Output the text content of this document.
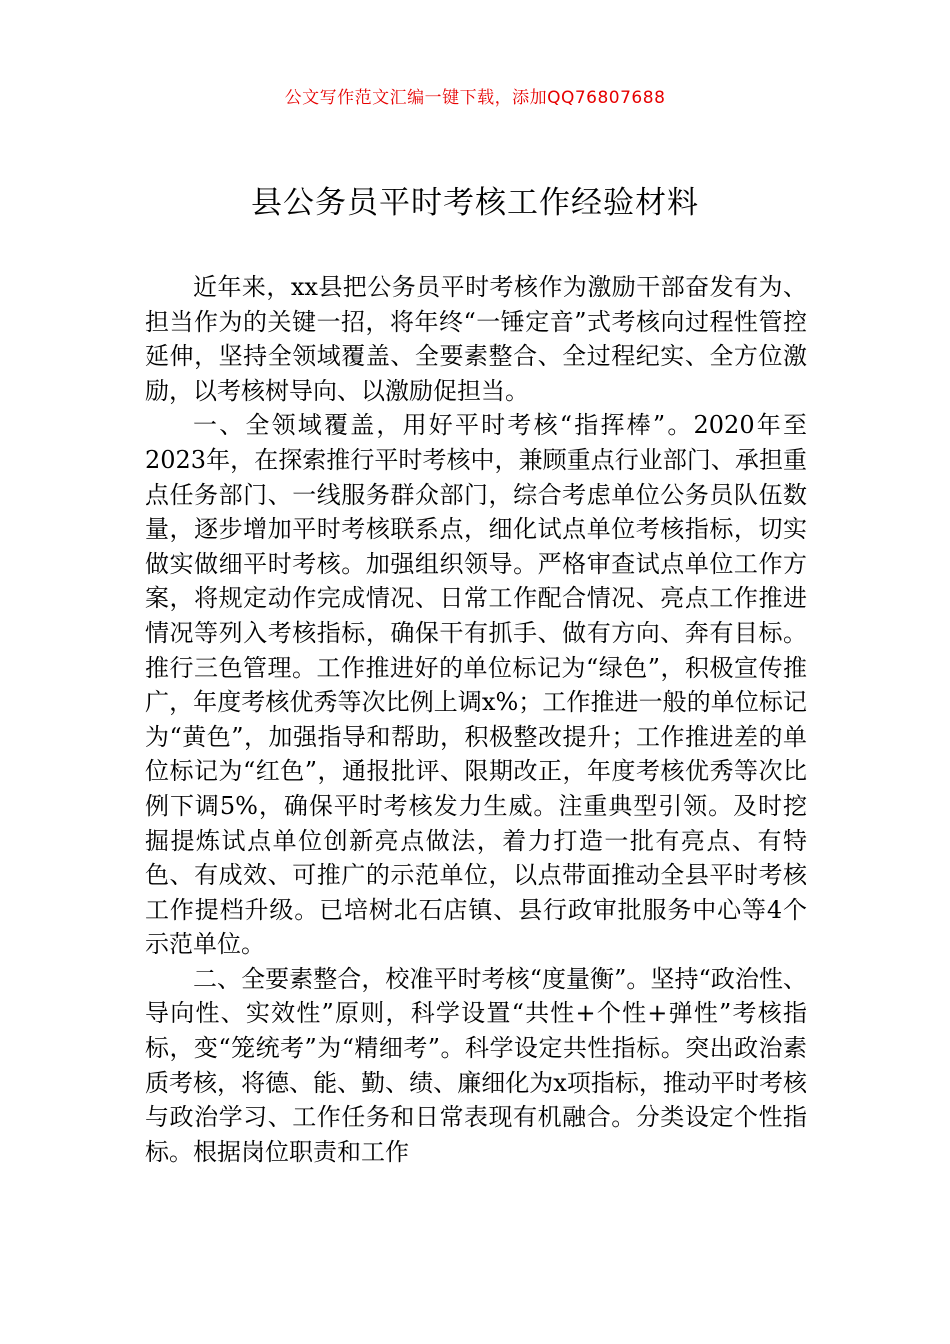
公文写作范文汇编一键下载，添加QQ76807688
县公务员平时考核工作经验材料

近年来，xx县把公务员平时考核作为激励干部奋发有为、担当作为的关键一招，将年终“一锤定音”式考核向过程性管控延伸，坚持全领域覆盖、全要素整合、全过程纪实、全方位激励，以考核树导向、以激励促担当。

一、全领域覆盖，用好平时考核“指挥棒”。2020年至2023年，在探索推行平时考核中，兼顾重点行业部门、承担重点任务部门、一线服务群众部门，综合考虑单位公务员队伍数量，逐步增加平时考核联系点，细化试点单位考核指标，切实做实做细平时考核。加强组织领导。严格审查试点单位工作方案，将规定动作完成情况、日常工作配合情况、亮点工作推进情况等列入考核指标，确保干有抓手、做有方向、奔有目标。推行三色管理。工作推进好的单位标记为“绿色”，积极宣传推广，年度考核优秀等次比例上调x%；工作推进一般的单位标记为“黄色”，加强指导和帮助，积极整改提升；工作推进差的单位标记为“红色”，通报批评、限期改正，年度考核优秀等次比例下调5%，确保平时考核发力生威。注重典型引领。及时挖掘提炼试点单位创新亮点做法，着力打造一批有亮点、有特色、有成效、可推广的示范单位，以点带面推动全县平时考核工作提档升级。已培树北石店镇、县行政审批服务中心等4个示范单位。

二、全要素整合，校准平时考核“度量衡”。坚持“政治性、导向性、实效性”原则，科学设置“共性+个性+弹性”考核指标，变“笼统考”为“精细考”。科学设定共性指标。突出政治素质考核，将德、能、勤、绩、廉细化为x项指标，推动平时考核与政治学习、工作任务和日常表现有机融合。分类设定个性指标。根据岗位职责和工作
